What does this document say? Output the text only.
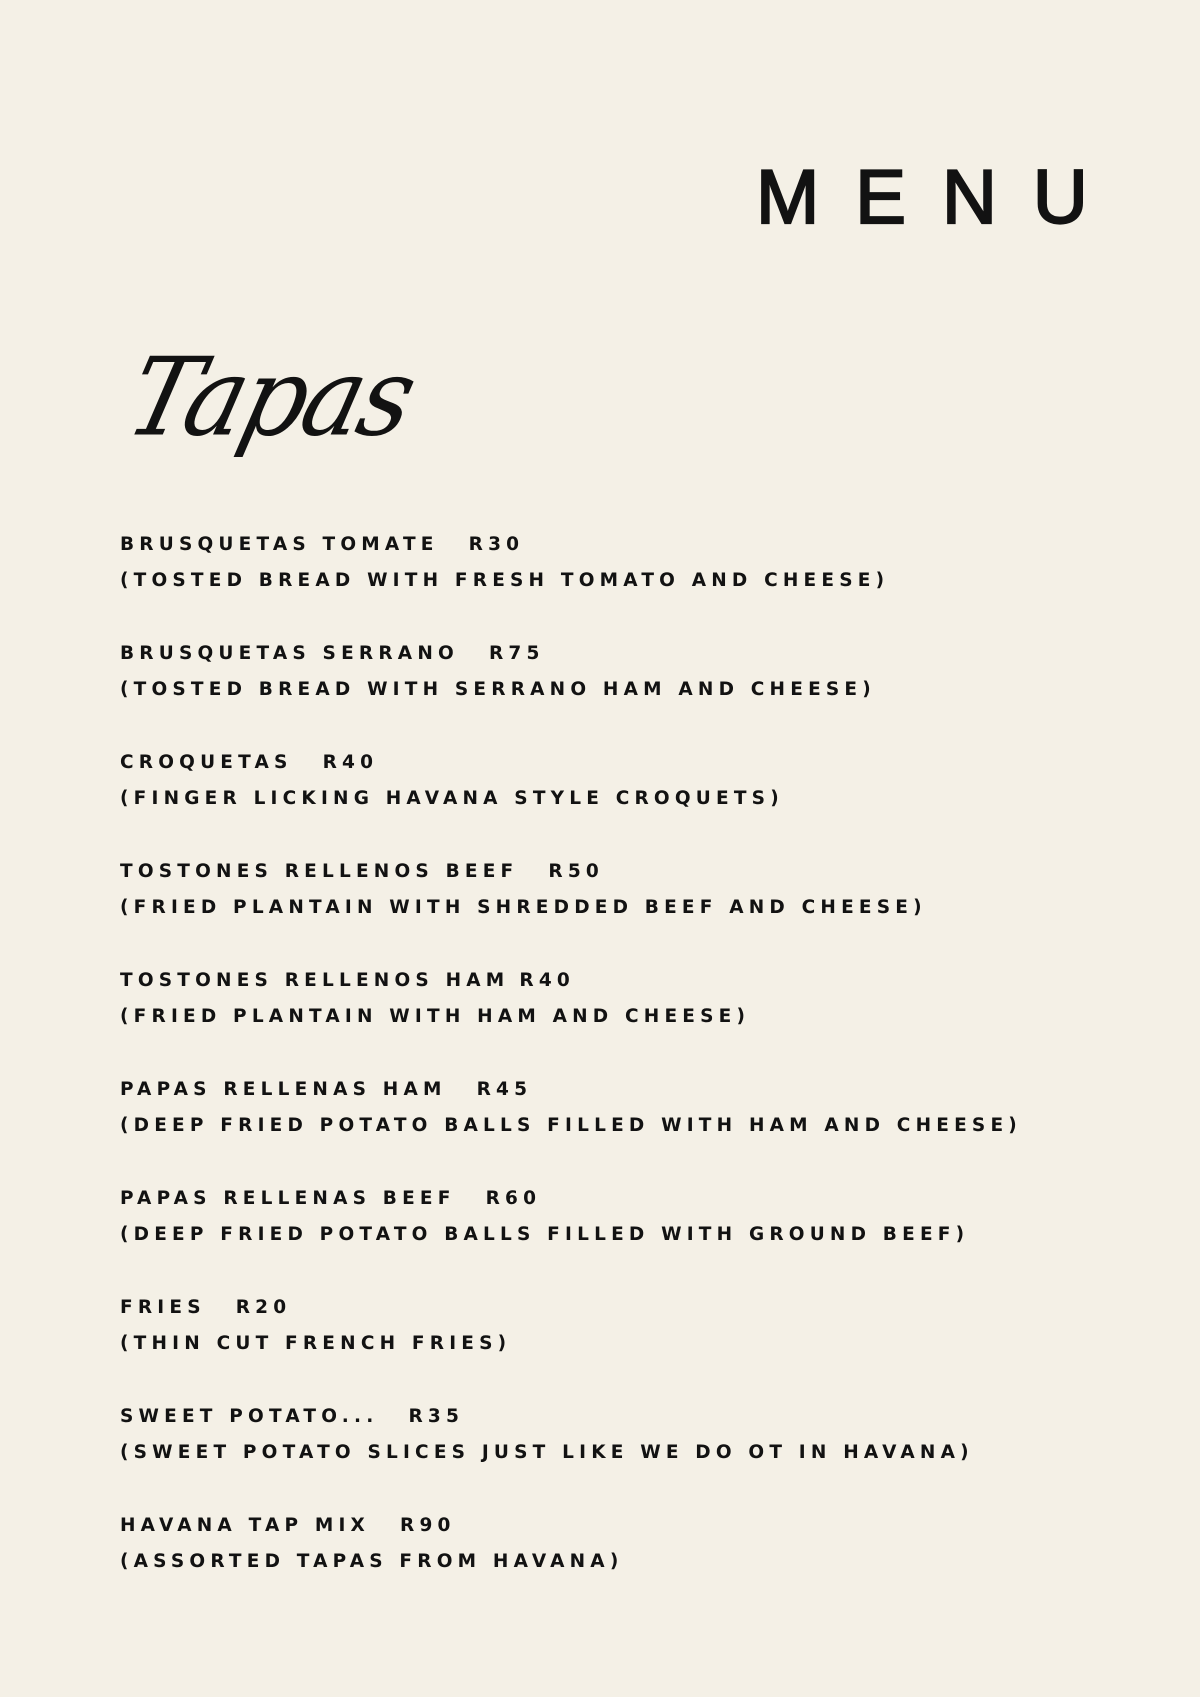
MENU
Tapas
BRUSQUETAS TOMATE R30
(TOSTED BREAD WITH FRESH TOMATO AND CHEESE)
BRUSQUETAS SERRANO R75
(TOSTED BREAD WITH SERRANO HAM AND CHEESE)
CROQUETAS R40
(FINGER LICKING HAVANA STYLE CROQUETS)
TOSTONES RELLENOS BEEF R50
(FRIED PLANTAIN WITH SHREDDED BEEF AND CHEESE)
TOSTONES RELLENOS HAM R40
(FRIED PLANTAIN WITH HAM AND CHEESE)
PAPAS RELLENAS HAM R45
(DEEP FRIED POTATO BALLS FILLED WITH HAM AND CHEESE)
PAPAS RELLENAS BEEF R60
(DEEP FRIED POTATO BALLS FILLED WITH GROUND BEEF)
FRIES R20
(THIN CUT FRENCH FRIES)
SWEET POTATO... R35
(SWEET POTATO SLICES JUST LIKE WE DO OT IN HAVANA)
HAVANA TAP MIX R90
(ASSORTED TAPAS FROM HAVANA)
